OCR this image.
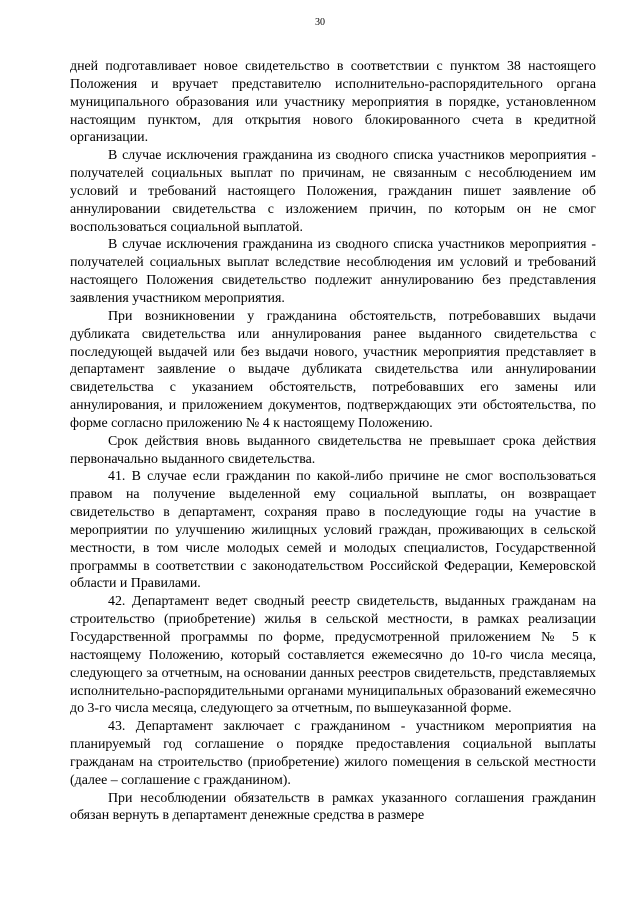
30

дней подготавливает новое свидетельство в соответствии с пунктом 38 настоящего Положения и вручает представителю исполнительно-распорядительного органа муниципального образования или участнику мероприятия в порядке, установленном настоящим пунктом, для открытия нового блокированного счета в кредитной организации.

В случае исключения гражданина из сводного списка участников мероприятия - получателей социальных выплат по причинам, не связанным с несоблюдением им условий и требований настоящего Положения, гражданин пишет заявление об аннулировании свидетельства с изложением причин, по которым он не смог воспользоваться социальной выплатой.

В случае исключения гражданина из сводного списка участников мероприятия - получателей социальных выплат вследствие несоблюдения им условий и требований настоящего Положения свидетельство подлежит аннулированию без представления заявления участником мероприятия.

При возникновении у гражданина обстоятельств, потребовавших выдачи дубликата свидетельства или аннулирования ранее выданного свидетельства с последующей выдачей или без выдачи нового, участник мероприятия представляет в департамент заявление о выдаче дубликата свидетельства или аннулировании свидетельства с указанием обстоятельств, потребовавших его замены или аннулирования, и приложением документов, подтверждающих эти обстоятельства, по форме согласно приложению № 4 к настоящему Положению.

Срок действия вновь выданного свидетельства не превышает срока действия первоначально выданного свидетельства.

41. В случае если гражданин по какой-либо причине не смог воспользоваться правом на получение выделенной ему социальной выплаты, он возвращает свидетельство в департамент, сохраняя право в последующие годы на участие в мероприятии по улучшению жилищных условий граждан, проживающих в сельской местности, в том числе молодых семей и молодых специалистов, Государственной программы в соответствии с законодательством Российской Федерации, Кемеровской области и Правилами.

42. Департамент ведет сводный реестр свидетельств, выданных гражданам на строительство (приобретение) жилья в сельской местности, в рамках реализации Государственной программы по форме, предусмотренной приложением № 5 к настоящему Положению, который составляется ежемесячно до 10-го числа месяца, следующего за отчетным, на основании данных реестров свидетельств, представляемых исполнительно-распорядительными органами муниципальных образований ежемесячно до 3-го числа месяца, следующего за отчетным, по вышеуказанной форме.

43. Департамент заключает с гражданином - участником мероприятия на планируемый год соглашение о порядке предоставления социальной выплаты гражданам на строительство (приобретение) жилого помещения в сельской местности (далее – соглашение с гражданином).

При несоблюдении обязательств в рамках указанного соглашения гражданин обязан вернуть в департамент денежные средства в размере
